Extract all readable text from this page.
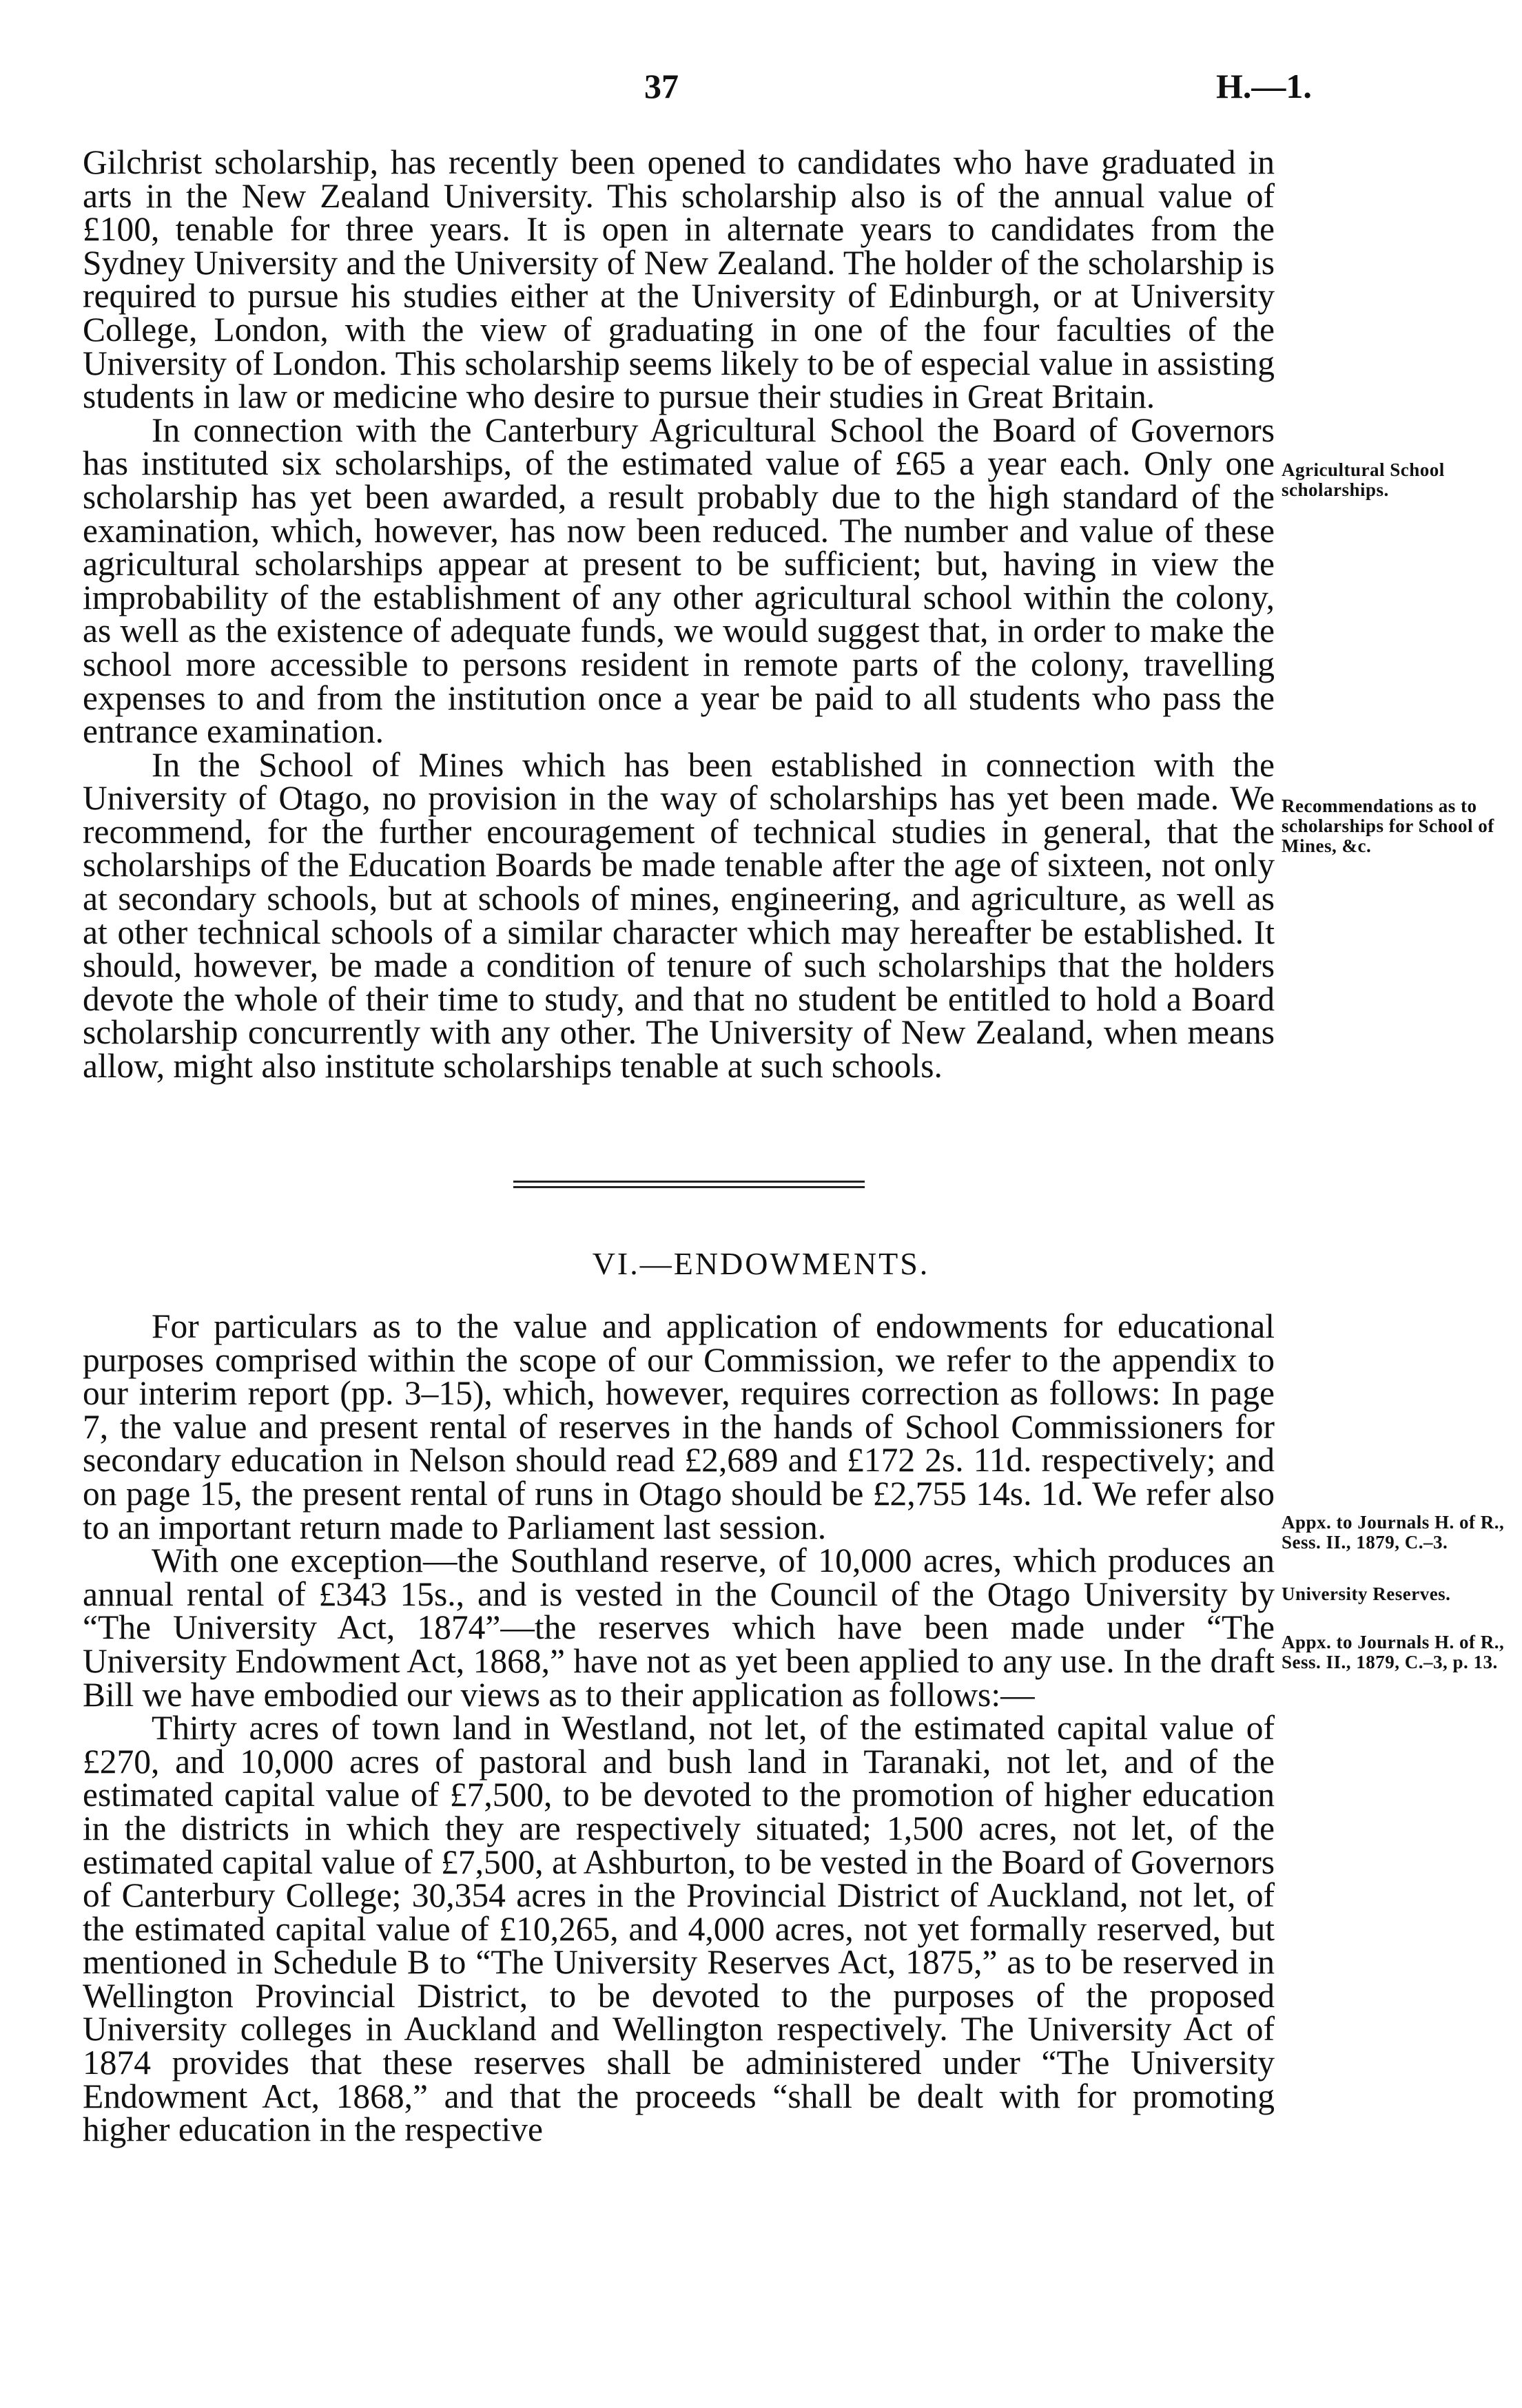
37	H.—1.

Gilchrist scholarship, has recently been opened to candidates who have graduated in arts in the New Zealand University. This scholarship also is of the annual value of £100, tenable for three years. It is open in alternate years to candidates from the Sydney University and the University of New Zealand. The holder of the scholarship is required to pursue his studies either at the University of Edinburgh, or at University College, London, with the view of graduating in one of the four faculties of the University of London. This scholarship seems likely to be of especial value in assisting students in law or medicine who desire to pursue their studies in Great Britain.

In connection with the Canterbury Agricultural School the Board of Governors has instituted six scholarships, of the estimated value of £65 a year each. Only one scholarship has yet been awarded, a result probably due to the high standard of the examination, which, however, has now been reduced. The number and value of these agricultural scholarships appear at present to be sufficient; but, having in view the improbability of the establishment of any other agricultural school within the colony, as well as the existence of adequate funds, we would suggest that, in order to make the school more accessible to persons resident in remote parts of the colony, travelling expenses to and from the institution once a year be paid to all students who pass the entrance examination.

In the School of Mines which has been established in connection with the University of Otago, no provision in the way of scholarships has yet been made. We recommend, for the further encouragement of technical studies in general, that the scholarships of the Education Boards be made tenable after the age of sixteen, not only at secondary schools, but at schools of mines, engineering, and agriculture, as well as at other technical schools of a similar character which may hereafter be established. It should, however, be made a condition of tenure of such scholarships that the holders devote the whole of their time to study, and that no student be entitled to hold a Board scholarship concurrently with any other. The University of New Zealand, when means allow, might also institute scholarships tenable at such schools.

Agricultural School scholarships.
Recommendations as to scholarships for School of Mines, &c.
VI.—ENDOWMENTS.

For particulars as to the value and application of endowments for educational purposes comprised within the scope of our Commission, we refer to the appendix to our interim report (pp. 3–15), which, however, requires correction as follows: In page 7, the value and present rental of reserves in the hands of School Commissioners for secondary education in Nelson should read £2,689 and £172 2s. 11d. respectively; and on page 15, the present rental of runs in Otago should be £2,755 14s. 1d. We refer also to an important return made to Parliament last session.

With one exception—the Southland reserve, of 10,000 acres, which produces an annual rental of £343 15s., and is vested in the Council of the Otago University by “The University Act, 1874”—the reserves which have been made under “The University Endowment Act, 1868,” have not as yet been applied to any use. In the draft Bill we have embodied our views as to their application as follows:—

Thirty acres of town land in Westland, not let, of the estimated capital value of £270, and 10,000 acres of pastoral and bush land in Taranaki, not let, and of the estimated capital value of £7,500, to be devoted to the promotion of higher education in the districts in which they are respectively situated; 1,500 acres, not let, of the estimated capital value of £7,500, at Ashburton, to be vested in the Board of Governors of Canterbury College; 30,354 acres in the Provincial District of Auckland, not let, of the estimated capital value of £10,265, and 4,000 acres, not yet formally reserved, but mentioned in Schedule B to “The University Reserves Act, 1875,” as to be reserved in Wellington Provincial District, to be devoted to the purposes of the proposed University colleges in Auckland and Wellington respectively. The University Act of 1874 provides that these reserves shall be administered under “The University Endowment Act, 1868,” and that the proceeds “shall be dealt with for promoting higher education in the respective

Appx. to Journals H. of R., Sess. II., 1879, C.–3.
University Reserves.
Appx. to Journals H. of R., Sess. II., 1879, C.–3, p. 13.
